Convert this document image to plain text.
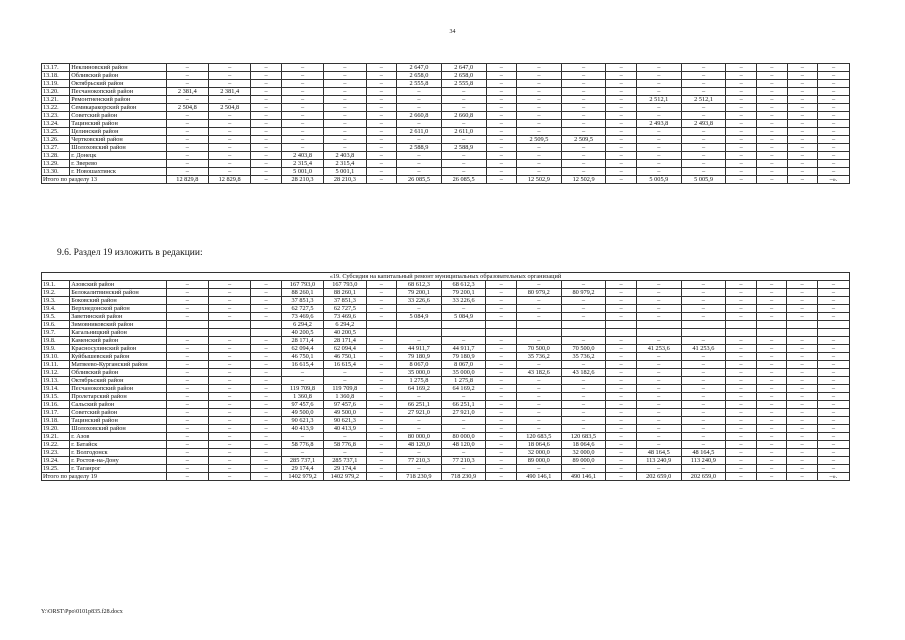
34
13.17.	Неклиновский район	–	–	–	–	–	–	2 647,0	2 647,0	–	–	–	–	–	–	–	–	–	–
13.18.	Обливский район	–	–	–	–	–	–	2 658,0	2 658,0	–	–	–	–	–	–	–	–	–	–
13.19.	Октябрьский район	–	–	–	–	–	–	2 555,8	2 555,8	–	–	–	–	–	–	–	–	–	–
13.20.	Песчанокопский район	2 381,4	2 381,4	–	–	–	–	–	–	–	–	–	–	–	–	–	–	–	–
13.21.	Ремонтненский район	–	–	–	–	–	–	–	–	–	–	–	–	2 512,1	2 512,1	–	–	–	–
13.22.	Семикаракорский район	2 504,8	2 504,8	–	–	–	–	–	–	–	–	–	–	–	–	–	–	–	–
13.23.	Советский район	–	–	–	–	–	–	2 660,8	2 660,8	–	–	–	–	–	–	–	–	–	–
13.24.	Тацинский район	–	–	–	–	–	–	–	–	–	–	–	–	2 493,8	2 493,8	–	–	–	–
13.25.	Целинский район	–	–	–	–	–	–	2 611,0	2 611,0	–	–	–	–	–	–	–	–	–	–
13.26.	Чертковский район	–	–	–	–	–	–	–	–	–	2 509,5	2 509,5	–	–	–	–	–	–	–
13.27.	Шолоховский район	–	–	–	–	–	–	2 588,9	2 588,9	–	–	–	–	–	–	–	–	–	–
13.28.	г. Донецк	–	–	–	2 403,8	2 403,8	–	–	–	–	–	–	–	–	–	–	–	–	–
13.29.	г. Зверево	–	–	–	2 315,4	2 315,4	–	–	–	–	–	–	–	–	–	–	–	–	–
13.30.	г. Новошахтинск	–	–	–	5 001,0	5 001,1	–	–	–	–	–	–	–	–	–	–	–	–	–
Итого по разделу 13		12 829,8	12 829,8	–	28 210,3	28 210,3	–	26 085,5	26 085,5	–	12 502,9	12 502,9	–	5 005,9	5 005,9	–	–	–	–».
9.6. Раздел 19 изложить в редакции:
«19. Субсидия на капитальный ремонт муниципальных образовательных организаций																			
19.1.	Азовский район	–	–	–	167 793,0	167 793,0	–	68 612,3	68 612,3	–	–	–	–	–	–	–	–	–	–
19.2.	Белокалитвинский район	–	–	–	88 260,1	88 260,1	–	79 200,1	79 200,1	–	80 979,2	80 979,2	–	–	–	–	–	–	–
19.3.	Боковский район	–	–	–	37 851,3	37 851,3	–	33 226,6	33 226,6	–	–	–	–	–	–	–	–	–	–
19.4.	Верхнедонской район	–	–	–	62 727,5	62 727,5	–	–	–	–	–	–	–	–	–	–	–	–	–
19.5.	Заветинский район	–	–	–	73 469,6	73 469,6	–	5 084,9	5 084,9	–	–	–	–	–	–	–	–	–	–
19.6.	Зимовниковский район				6 294,2	6 294,2													
19.7.	Кагальницкий район				40 200,5	40 200,5													
19.8.	Каменский район	–	–	–	28 171,4	28 171,4	–	–	–	–	–	–	–	–	–	–	–	–	–
19.9.	Красносулинский район	–	–	–	62 094,4	62 094,4	–	44 911,7	44 911,7	–	70 500,0	70 500,0	–	41 253,6	41 253,6	–	–	–	–
19.10.	Куйбышевский район	–	–	–	46 750,1	46 750,1	–	79 180,9	79 180,9	–	35 736,2	35 736,2	–	–	–	–	–	–	–
19.11.	Матвеево-Курганский район	–	–	–	16 615,4	16 615,4	–	8 067,0	8 067,0	–	–	–	–	–	–	–	–	–	–
19.12.	Обливский район	–	–	–	–	–	–	35 000,0	35 000,0	–	43 182,6	43 182,6	–	–	–	–	–	–	–
19.13.	Октябрьский район	–	–	–	–	–	–	1 275,8	1 275,8	–	–	–	–	–	–	–	–	–	–
19.14.	Песчанокопский район	–	–	–	119 709,8	119 709,8	–	64 169,2	64 169,2	–	–	–	–	–	–	–	–	–	–
19.15.	Пролетарский район	–	–	–	1 360,8	1 360,8	–	–	–	–	–	–	–	–	–	–	–	–	–
19.16.	Сальский район	–	–	–	97 457,6	97 457,6	–	66 251,1	66 251,1	–	–	–	–	–	–	–	–	–	–
19.17.	Советский район	–	–	–	49 500,0	49 500,0	–	27 921,0	27 921,0	–	–	–	–	–	–	–	–	–	–
19.18.	Тацинский район	–	–	–	90 621,3	90 621,3	–	–	–	–	–	–	–	–	–	–	–	–	–
19.20.	Шолоховский район	–	–	–	40 413,9	40 413,9	–	–	–	–	–	–	–	–	–	–	–	–	–
19.21.	г. Азов	–	–	–	–	–	–	80 000,0	80 000,0	–	120 683,5	120 683,5	–	–	–	–	–	–	–
19.22.	г. Батайск	–	–	–	58 776,8	58 776,8	–	48 120,0	48 120,0	–	18 064,6	18 064,6	–	–	–	–	–	–	–
19.23.	г. Волгодонск	–	–	–	–	–	–	–	–	–	32 000,0	32 000,0	–	48 164,5	48 164,5	–	–	–	–
19.24.	г. Ростов-на-Дону	–	–	–	285 737,1	285 737,1	–	77 210,3	77 210,3	–	89 000,0	89 000,0	–	113 240,9	113 240,9	–	–	–	–
19.25.	г. Таганрог	–	–	–	29 174,4	29 174,4	–	–	–	–	–	–	–	–	–	–	–	–	–
Итого по разделу 19		–	–	–	1402 979,2	1402 979,2	–	718 230,9	718 230,9	–	490 146,1	490 146,1	–	202 659,0	202 659,0	–	–	–	–».
Y:\ORST\Ppo\0101p835.f28.docx
